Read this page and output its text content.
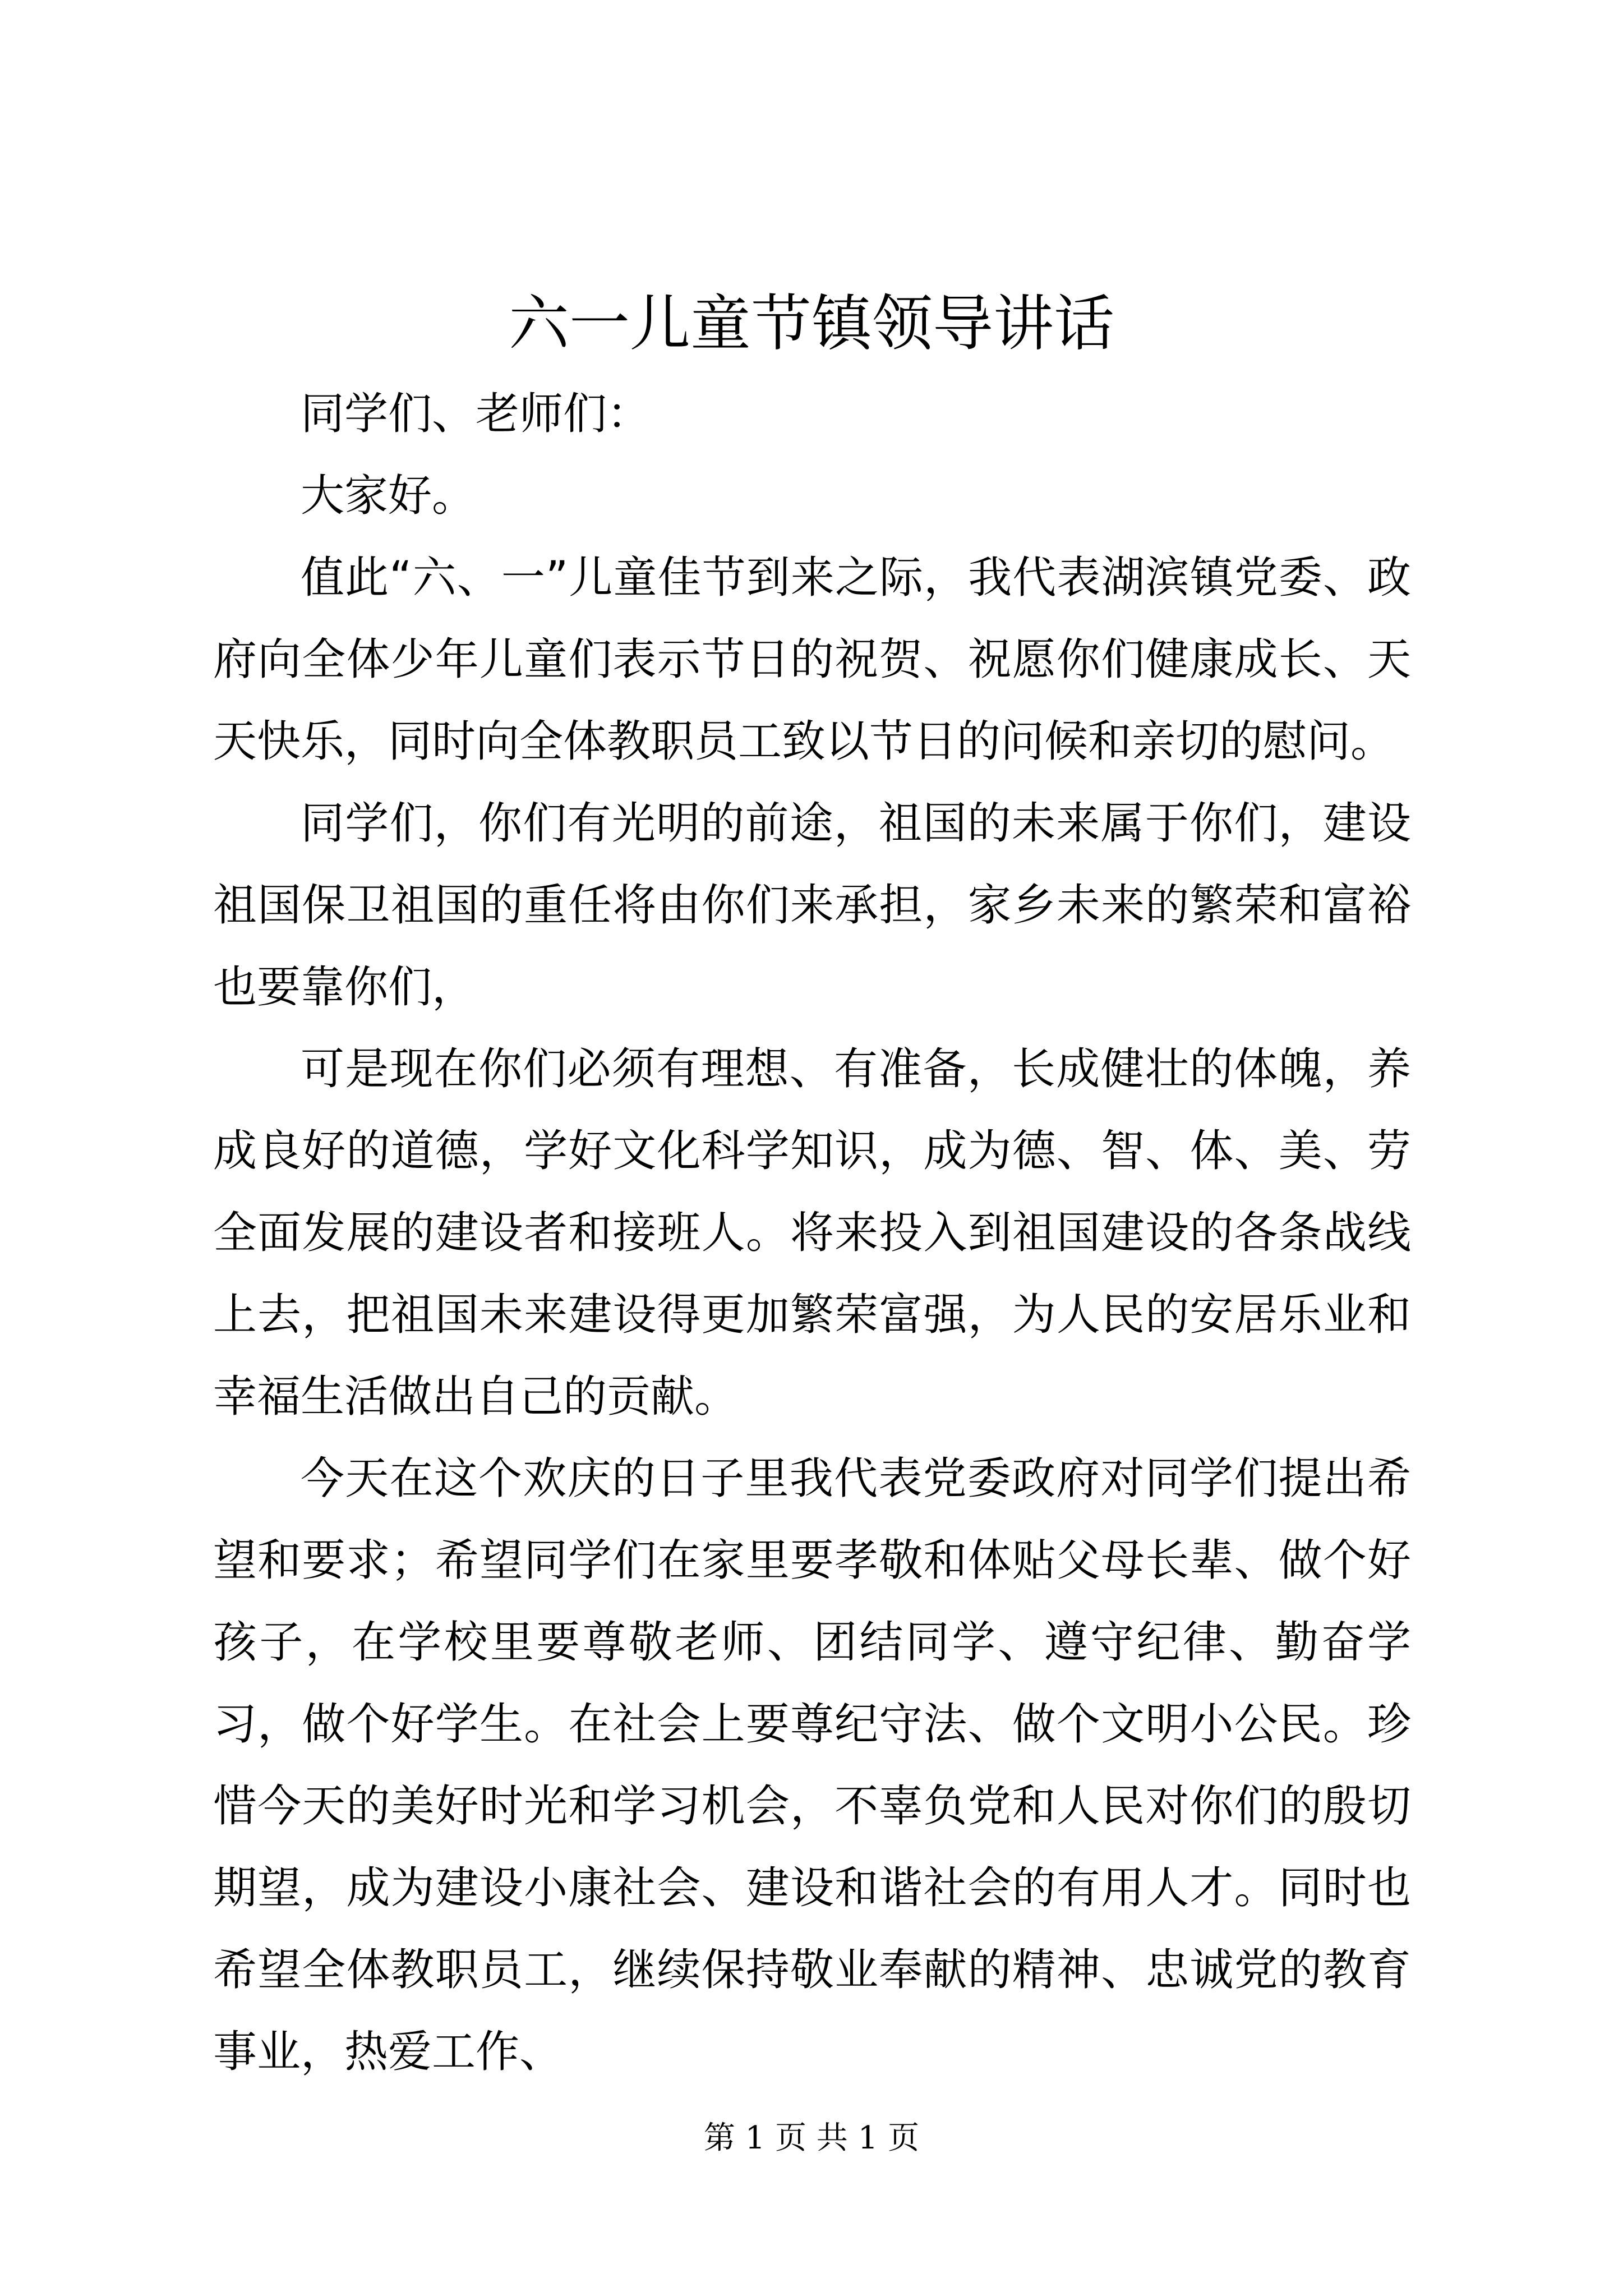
六一儿童节镇领导讲话

同学们、老师们：

大家好。

值此“六、一”儿童佳节到来之际，我代表湖滨镇党委、政府向全体少年儿童们表示节日的祝贺、祝愿你们健康成长、天天快乐，同时向全体教职员工致以节日的问候和亲切的慰问。

同学们，你们有光明的前途，祖国的未来属于你们，建设祖国保卫祖国的重任将由你们来承担，家乡未来的繁荣和富裕也要靠你们，

可是现在你们必须有理想、有准备，长成健壮的体魄，养成良好的道德，学好文化科学知识，成为德、智、体、美、劳全面发展的建设者和接班人。将来投入到祖国建设的各条战线上去，把祖国未来建设得更加繁荣富强，为人民的安居乐业和幸福生活做出自己的贡献。

今天在这个欢庆的日子里我代表党委政府对同学们提出希望和要求；希望同学们在家里要孝敬和体贴父母长辈、做个好孩子，在学校里要尊敬老师、团结同学、遵守纪律、勤奋学习，做个好学生。在社会上要尊纪守法、做个文明小公民。珍惜今天的美好时光和学习机会，不辜负党和人民对你们的殷切期望，成为建设小康社会、建设和谐社会的有用人才。同时也希望全体教职员工，继续保持敬业奉献的精神、忠诚党的教育事业，热爱工作、

第 1 页 共 1 页
